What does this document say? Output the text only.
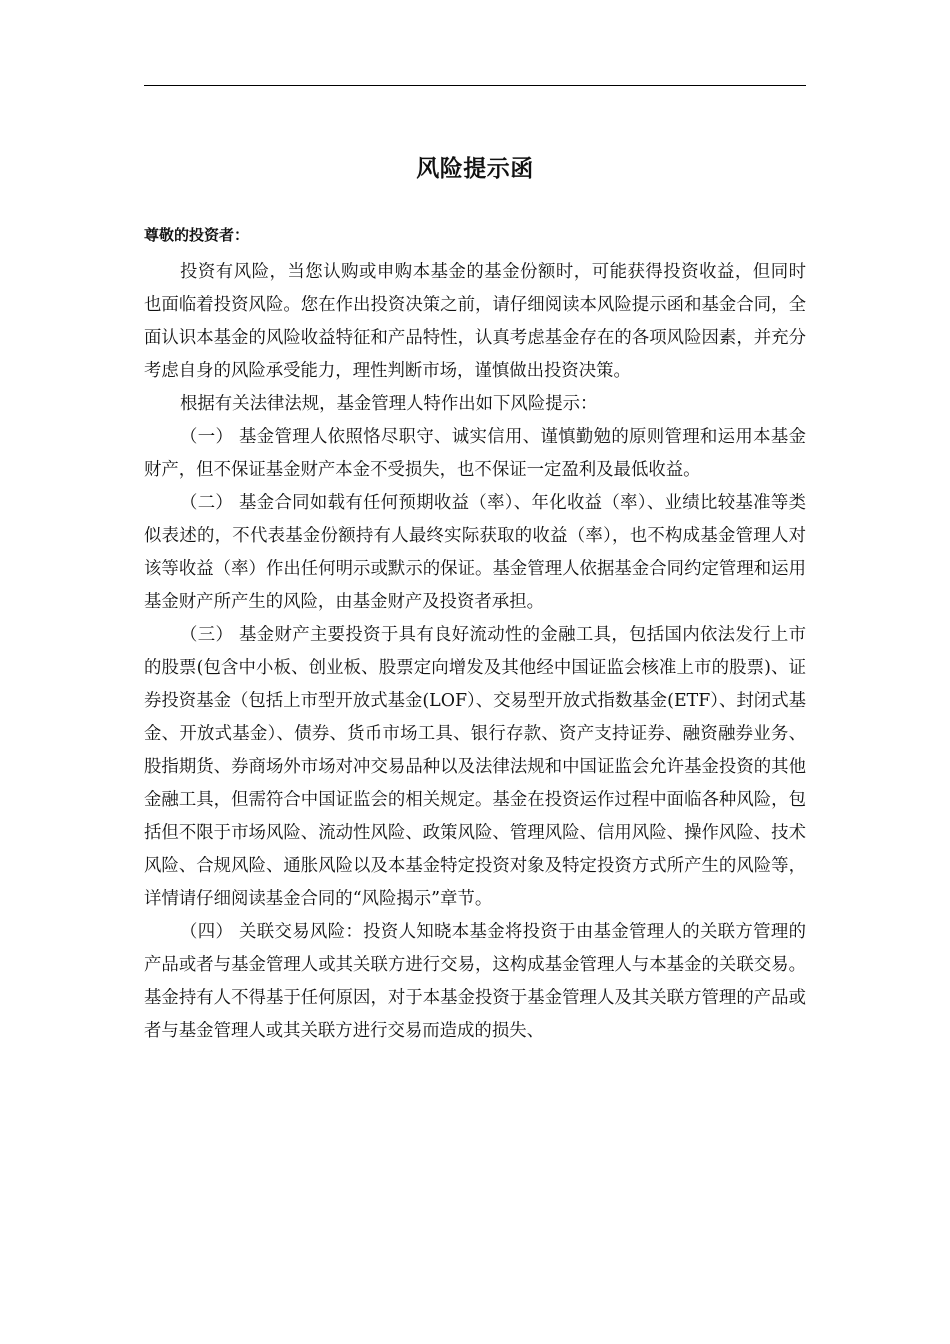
风险提示函

尊敬的投资者：

投资有风险，当您认购或申购本基金的基金份额时，可能获得投资收益，但同时也面临着投资风险。您在作出投资决策之前，请仔细阅读本风险提示函和基金合同，全面认识本基金的风险收益特征和产品特性，认真考虑基金存在的各项风险因素，并充分考虑自身的风险承受能力，理性判断市场，谨慎做出投资决策。

根据有关法律法规，基金管理人特作出如下风险提示：

（一） 基金管理人依照恪尽职守、诚实信用、谨慎勤勉的原则管理和运用本基金财产，但不保证基金财产本金不受损失，也不保证一定盈利及最低收益。

（二） 基金合同如载有任何预期收益（率）、年化收益（率）、业绩比较基准等类似表述的，不代表基金份额持有人最终实际获取的收益（率），也不构成基金管理人对该等收益（率）作出任何明示或默示的保证。基金管理人依据基金合同约定管理和运用基金财产所产生的风险，由基金财产及投资者承担。

（三） 基金财产主要投资于具有良好流动性的金融工具，包括国内依法发行上市的股票(包含中小板、创业板、股票定向增发及其他经中国证监会核准上市的股票)、证券投资基金（包括上市型开放式基金(LOF）、交易型开放式指数基金(ETF）、封闭式基金、开放式基金）、债券、货币市场工具、银行存款、资产支持证券、融资融券业务、股指期货、券商场外市场对冲交易品种以及法律法规和中国证监会允许基金投资的其他金融工具，但需符合中国证监会的相关规定。基金在投资运作过程中面临各种风险，包括但不限于市场风险、流动性风险、政策风险、管理风险、信用风险、操作风险、技术风险、合规风险、通胀风险以及本基金特定投资对象及特定投资方式所产生的风险等，详情请仔细阅读基金合同的“风险揭示”章节。

（四） 关联交易风险：投资人知晓本基金将投资于由基金管理人的关联方管理的产品或者与基金管理人或其关联方进行交易，这构成基金管理人与本基金的关联交易。基金持有人不得基于任何原因，对于本基金投资于基金管理人及其关联方管理的产品或者与基金管理人或其关联方进行交易而造成的损失、
